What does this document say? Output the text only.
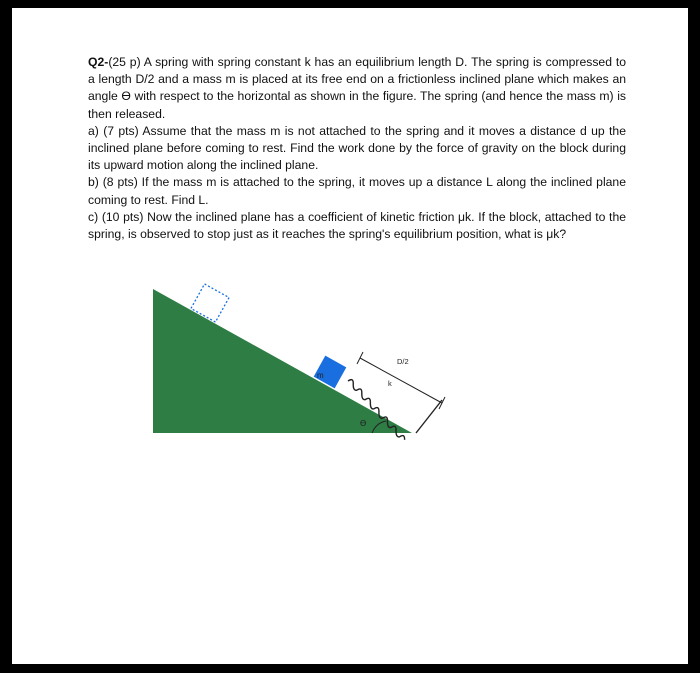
Q2-(25 p) A spring with spring constant k has an equilibrium length D. The spring is compressed to a length D/2 and a mass m is placed at its free end on a frictionless inclined plane which makes an angle ϴ with respect to the horizontal as shown in the figure. The spring (and hence the mass m) is then released.

a) (7 pts) Assume that the mass m is not attached to the spring and it moves a distance d up the inclined plane before coming to rest. Find the work done by the force of gravity on the block during its upward motion along the inclined plane.

b) (8 pts) If the mass m is attached to the spring, it moves up a distance L along the inclined plane coming to rest. Find L.

c) (10 pts) Now the inclined plane has a coefficient of kinetic friction μk. If the block, attached to the spring, is observed to stop just as it reaches the spring's equilibrium position, what is μk?

m
D/2
k
ϴ
